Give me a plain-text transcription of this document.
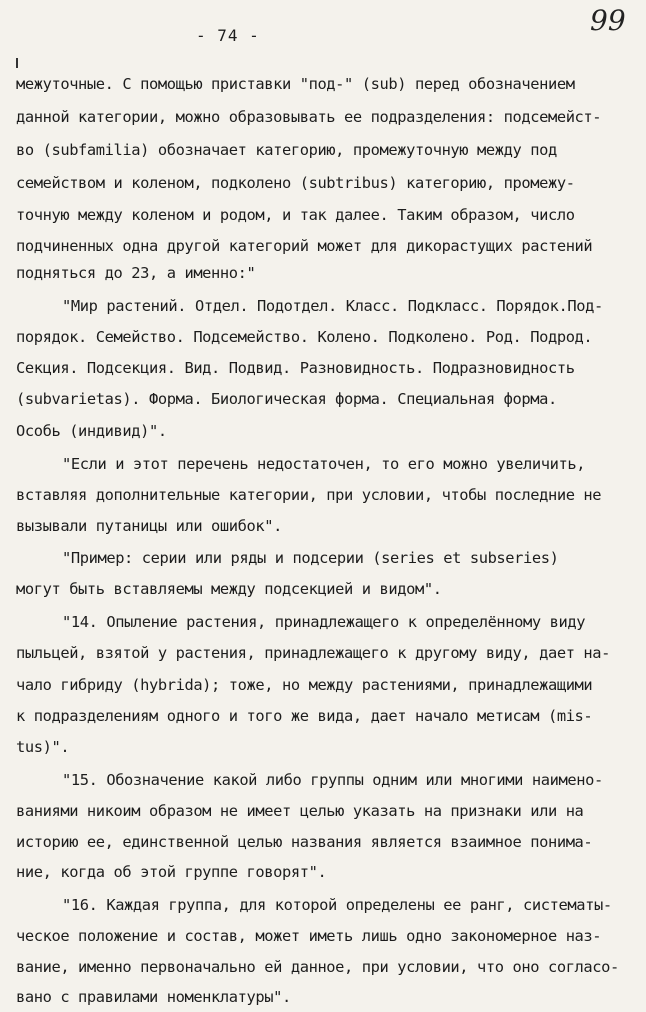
99
- 74 -
межуточные. С помощью приставки "под-" (sub) перед обозначением
данной категории, можно образовывать ее подразделения: подсемейст-
во (subfamilia) обозначает категорию, промежуточную между под
семейством и коленом, подколено (subtribus) категорию, промежу-
точную между коленом и родом, и так далее. Таким образом, число
подчиненных одна другой категорий может для дикорастущих растений
подняться до 23, а именно:"
"Мир растений. Отдел. Подотдел. Класс. Подкласс. Порядок.Под-
порядок. Семейство. Подсемейство. Колено. Подколено. Род. Подрод.
Секция. Подсекция. Вид. Подвид. Разновидность. Подразновидность
(subvarietas). Форма. Биологическая форма. Специальная форма.
Особь (индивид)".
"Если и этот перечень недостаточен, то его можно увеличить,
вставляя дополнительные категории, при условии, чтобы последние не
вызывали путаницы или ошибок".
"Пример: серии или ряды и подсерии (series et subseries)
могут быть вставляемы между подсекцией и видом".
"14. Опыление растения, принадлежащего к определённому виду
пыльцей, взятой у растения, принадлежащего к другому виду, дает на-
чало гибриду (hybrida); тоже, но между растениями, принадлежащими
к подразделениям одного и того же вида, дает начало метисам (mis-
tus)".
"15. Обозначение какой либо группы одним или многими наимено-
ваниями никоим образом не имеет целью указать на признаки или на
историю ее, единственной целью названия является взаимное понима-
ние, когда об этой группе говорят".
"16. Каждая группа, для которой определены ее ранг, систематы-
ческое положение и состав, может иметь лишь одно закономерное наз-
вание, именно первоначально ей данное, при условии, что оно согласо-
вано с правилами номенклатуры".
